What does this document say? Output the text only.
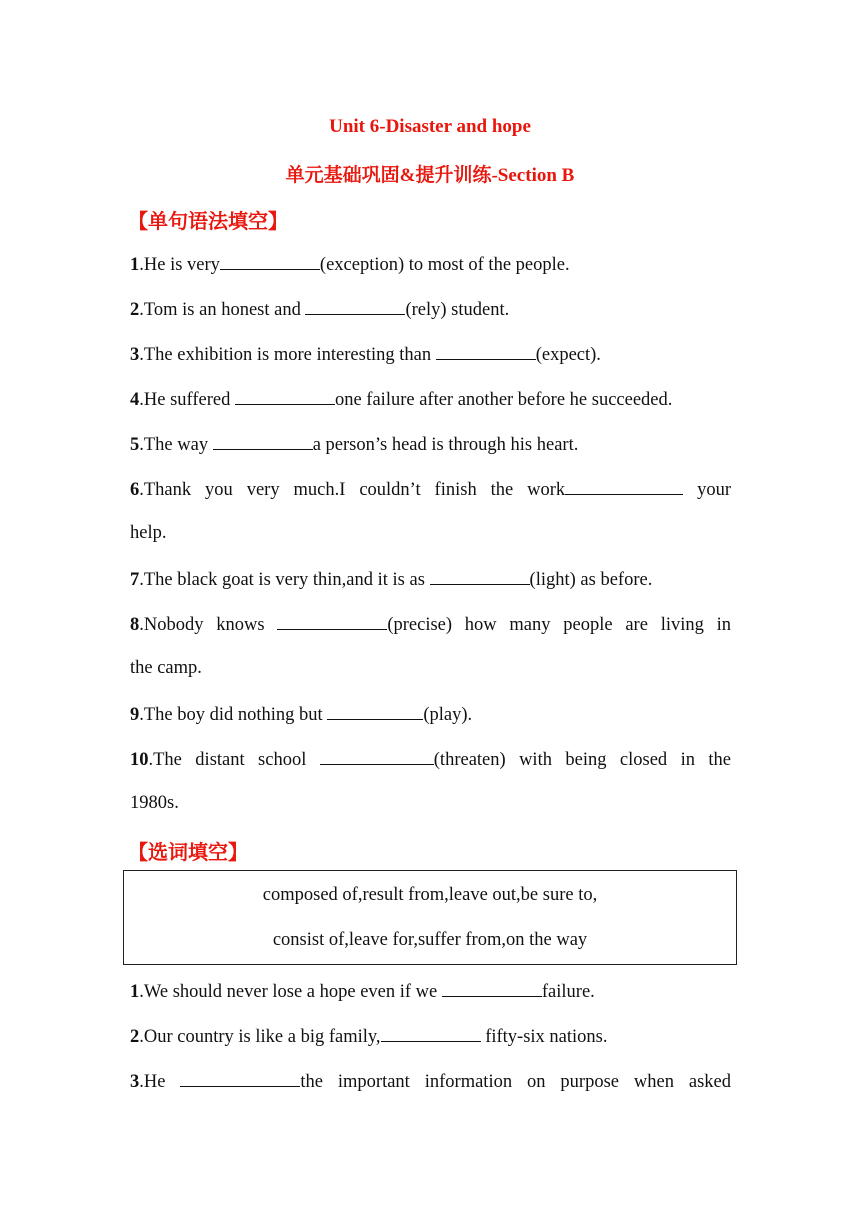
Unit 6-Disaster and hope
单元基础巩固&提升训练-Section B
【单句语法填空】
1.He is very	(exception) to most of the people.
2.Tom is an honest and	(rely) student.
3.The exhibition is more interesting than	(expect).
4.He suffered	one failure after another before he succeeded.
5.The way	a person’s head is through his heart.
6.Thank you very much.I couldn’t finish the work	your
help.
7.The black goat is very thin,and it is as	(light) as before.
8.Nobody knows	(precise) how many people are living in
the camp.
9.The boy did nothing but	(play).
10.The distant school	(threaten) with being closed in the
1980s.
【选词填空】
composed of,result from,leave out,be sure to,
consist of,leave for,suffer from,on the way
1.We should never lose a hope even if we	failure.
2.Our country is like a big family,	fifty-six nations.
3.He	the important information on purpose when asked
